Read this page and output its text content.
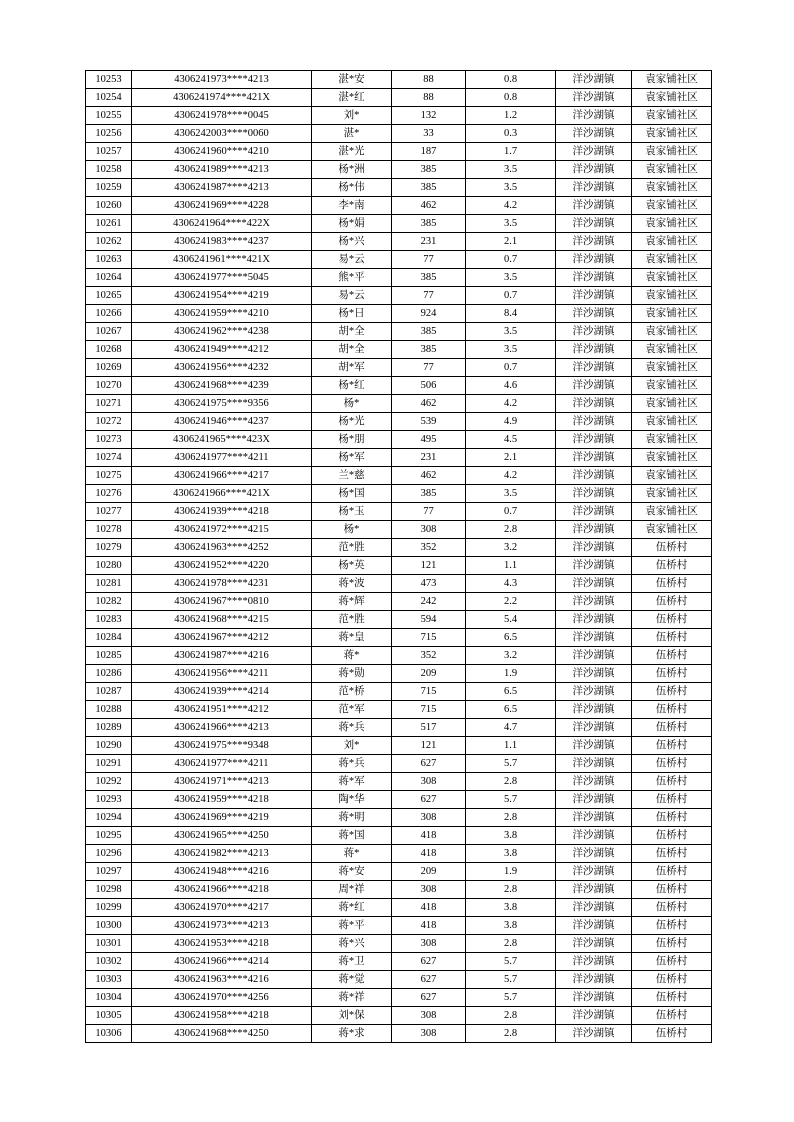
10253	4306241973****4213	湛*安	88	0.8	洋沙湖镇	袁家铺社区
10254	4306241974****421X	湛*红	88	0.8	洋沙湖镇	袁家铺社区
10255	4306241978****0045	刘*	132	1.2	洋沙湖镇	袁家铺社区
10256	4306242003****0060	湛*	33	0.3	洋沙湖镇	袁家铺社区
10257	4306241960****4210	湛*光	187	1.7	洋沙湖镇	袁家铺社区
10258	4306241989****4213	杨*洲	385	3.5	洋沙湖镇	袁家铺社区
10259	4306241987****4213	杨*伟	385	3.5	洋沙湖镇	袁家铺社区
10260	4306241969****4228	李*南	462	4.2	洋沙湖镇	袁家铺社区
10261	4306241964****422X	杨*娟	385	3.5	洋沙湖镇	袁家铺社区
10262	4306241983****4237	杨*兴	231	2.1	洋沙湖镇	袁家铺社区
10263	4306241961****421X	易*云	77	0.7	洋沙湖镇	袁家铺社区
10264	4306241977****5045	熊*平	385	3.5	洋沙湖镇	袁家铺社区
10265	4306241954****4219	易*云	77	0.7	洋沙湖镇	袁家铺社区
10266	4306241959****4210	杨*日	924	8.4	洋沙湖镇	袁家铺社区
10267	4306241962****4238	胡*全	385	3.5	洋沙湖镇	袁家铺社区
10268	4306241949****4212	胡*全	385	3.5	洋沙湖镇	袁家铺社区
10269	4306241956****4232	胡*军	77	0.7	洋沙湖镇	袁家铺社区
10270	4306241968****4239	杨*红	506	4.6	洋沙湖镇	袁家铺社区
10271	4306241975****9356	杨*	462	4.2	洋沙湖镇	袁家铺社区
10272	4306241946****4237	杨*光	539	4.9	洋沙湖镇	袁家铺社区
10273	4306241965****423X	杨*朋	495	4.5	洋沙湖镇	袁家铺社区
10274	4306241977****4211	杨*军	231	2.1	洋沙湖镇	袁家铺社区
10275	4306241966****4217	兰*慈	462	4.2	洋沙湖镇	袁家铺社区
10276	4306241966****421X	杨*国	385	3.5	洋沙湖镇	袁家铺社区
10277	4306241939****4218	杨*玉	77	0.7	洋沙湖镇	袁家铺社区
10278	4306241972****4215	杨*	308	2.8	洋沙湖镇	袁家铺社区
10279	4306241963****4252	范*胜	352	3.2	洋沙湖镇	伍桥村
10280	4306241952****4220	杨*英	121	1.1	洋沙湖镇	伍桥村
10281	4306241978****4231	蒋*波	473	4.3	洋沙湖镇	伍桥村
10282	4306241967****0810	蒋*辉	242	2.2	洋沙湖镇	伍桥村
10283	4306241968****4215	范*胜	594	5.4	洋沙湖镇	伍桥村
10284	4306241967****4212	蒋*皇	715	6.5	洋沙湖镇	伍桥村
10285	4306241987****4216	蒋*	352	3.2	洋沙湖镇	伍桥村
10286	4306241956****4211	蒋*勋	209	1.9	洋沙湖镇	伍桥村
10287	4306241939****4214	范*桥	715	6.5	洋沙湖镇	伍桥村
10288	4306241951****4212	范*军	715	6.5	洋沙湖镇	伍桥村
10289	4306241966****4213	蒋*兵	517	4.7	洋沙湖镇	伍桥村
10290	4306241975****9348	刘*	121	1.1	洋沙湖镇	伍桥村
10291	4306241977****4211	蒋*兵	627	5.7	洋沙湖镇	伍桥村
10292	4306241971****4213	蒋*军	308	2.8	洋沙湖镇	伍桥村
10293	4306241959****4218	陶*华	627	5.7	洋沙湖镇	伍桥村
10294	4306241969****4219	蒋*明	308	2.8	洋沙湖镇	伍桥村
10295	4306241965****4250	蒋*国	418	3.8	洋沙湖镇	伍桥村
10296	4306241982****4213	蒋*	418	3.8	洋沙湖镇	伍桥村
10297	4306241948****4216	蒋*安	209	1.9	洋沙湖镇	伍桥村
10298	4306241966****4218	周*祥	308	2.8	洋沙湖镇	伍桥村
10299	4306241970****4217	蒋*红	418	3.8	洋沙湖镇	伍桥村
10300	4306241973****4213	蒋*平	418	3.8	洋沙湖镇	伍桥村
10301	4306241953****4218	蒋*兴	308	2.8	洋沙湖镇	伍桥村
10302	4306241966****4214	蒋*卫	627	5.7	洋沙湖镇	伍桥村
10303	4306241963****4216	蒋*觉	627	5.7	洋沙湖镇	伍桥村
10304	4306241970****4256	蒋*祥	627	5.7	洋沙湖镇	伍桥村
10305	4306241958****4218	刘*保	308	2.8	洋沙湖镇	伍桥村
10306	4306241968****4250	蒋*求	308	2.8	洋沙湖镇	伍桥村
